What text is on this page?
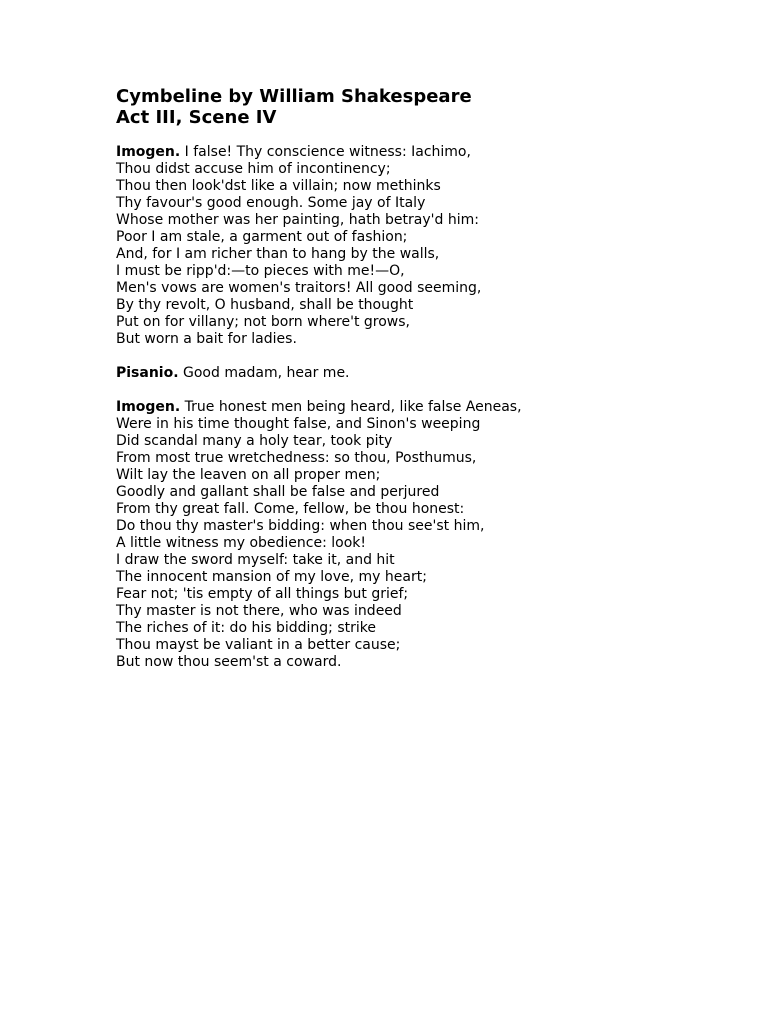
Cymbeline by William Shakespeare
Act III, Scene IV

Imogen. I false! Thy conscience witness: Iachimo,
Thou didst accuse him of incontinency;
Thou then look'dst like a villain; now methinks
Thy favour's good enough. Some jay of Italy
Whose mother was her painting, hath betray'd him:
Poor I am stale, a garment out of fashion;
And, for I am richer than to hang by the walls,
I must be ripp'd:—to pieces with me!—O,
Men's vows are women's traitors! All good seeming,
By thy revolt, O husband, shall be thought
Put on for villany; not born where't grows,
But worn a bait for ladies.

Pisanio. Good madam, hear me.

Imogen. True honest men being heard, like false Aeneas,
Were in his time thought false, and Sinon's weeping
Did scandal many a holy tear, took pity
From most true wretchedness: so thou, Posthumus,
Wilt lay the leaven on all proper men;
Goodly and gallant shall be false and perjured
From thy great fall. Come, fellow, be thou honest:
Do thou thy master's bidding: when thou see'st him,
A little witness my obedience: look!
I draw the sword myself: take it, and hit
The innocent mansion of my love, my heart;
Fear not; 'tis empty of all things but grief;
Thy master is not there, who was indeed
The riches of it: do his bidding; strike
Thou mayst be valiant in a better cause;
But now thou seem'st a coward.
